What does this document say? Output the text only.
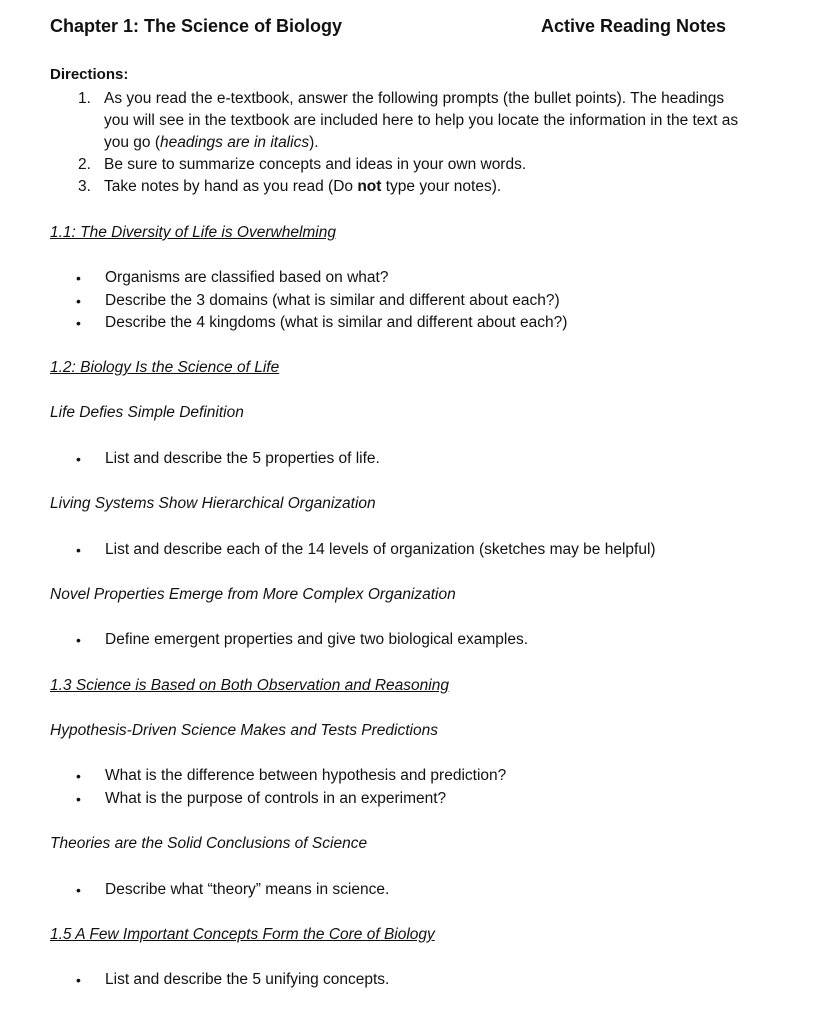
Chapter 1: The Science of Biology	Active Reading Notes
Directions:
1. As you read the e-textbook, answer the following prompts (the bullet points). The headings you will see in the textbook are included here to help you locate the information in the text as you go (headings are in italics).
2. Be sure to summarize concepts and ideas in your own words.
3. Take notes by hand as you read (Do not type your notes).
1.1: The Diversity of Life is Overwhelming
• Organisms are classified based on what?
• Describe the 3 domains (what is similar and different about each?)
• Describe the 4 kingdoms (what is similar and different about each?)
1.2: Biology Is the Science of Life
Life Defies Simple Definition
• List and describe the 5 properties of life.
Living Systems Show Hierarchical Organization
• List and describe each of the 14 levels of organization (sketches may be helpful)
Novel Properties Emerge from More Complex Organization
• Define emergent properties and give two biological examples.
1.3 Science is Based on Both Observation and Reasoning
Hypothesis-Driven Science Makes and Tests Predictions
• What is the difference between hypothesis and prediction?
• What is the purpose of controls in an experiment?
Theories are the Solid Conclusions of Science
• Describe what “theory” means in science.
1.5 A Few Important Concepts Form the Core of Biology
• List and describe the 5 unifying concepts.
